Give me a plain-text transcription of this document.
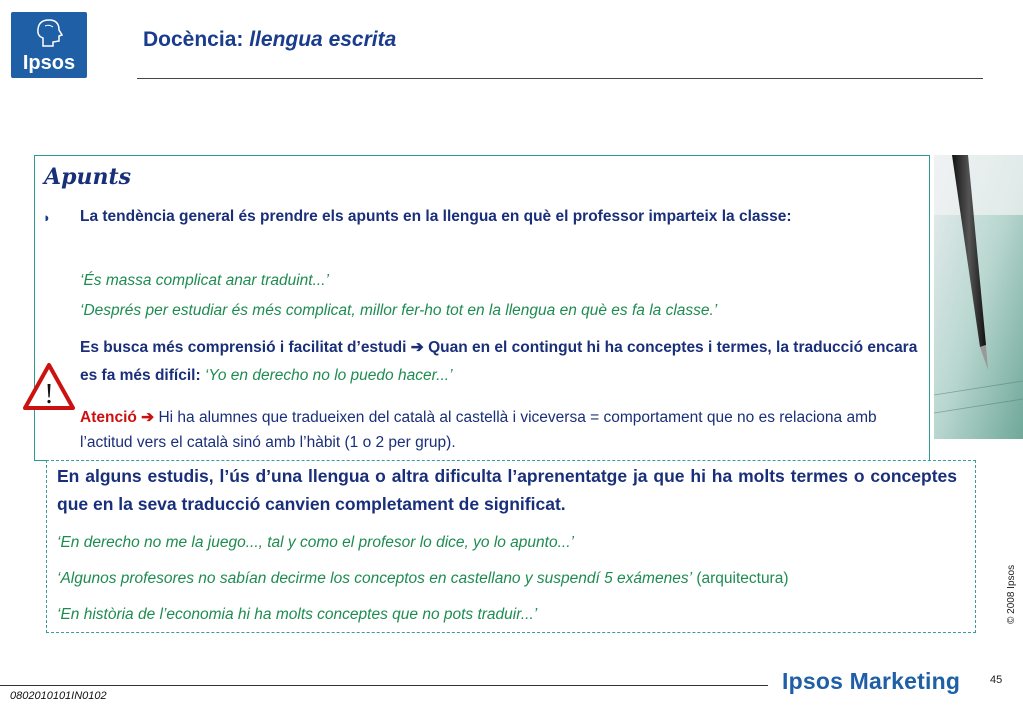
Ipsos
Docència: llengua escrita
Apunts
◗ La tendència general és prendre els apunts en la llengua en què el professor imparteix la classe:
‘És massa complicat anar traduint...’
‘Després per estudiar és més complicat, millor fer-ho tot en la llengua en què es fa la classe.’
Es busca més comprensió i facilitat d’estudi ➔ Quan en el contingut hi ha conceptes i termes, la traducció encara es fa més difícil: ‘Yo en derecho no lo puedo hacer...’
Atenció ➔ Hi ha alumnes que tradueixen del català al castellà i viceversa = comportament que no es relaciona amb l’actitud vers el català sinó amb l’hàbit (1 o 2 per grup).
!
En alguns estudis, l’ús d’una llengua o altra dificulta l’aprenentatge ja que hi ha molts termes o conceptes que en la seva traducció canvien completament de significat.
‘En derecho no me la juego..., tal y como el profesor lo dice, yo lo apunto...’
‘Algunos profesores no sabían decirme los conceptos en castellano y suspendí 5 exámenes’ (arquitectura)
‘En història de l’economia hi ha molts conceptes que no pots traduir...’	© 2008 Ipsos
45
0802010101IN0102
Ipsos Marketing
